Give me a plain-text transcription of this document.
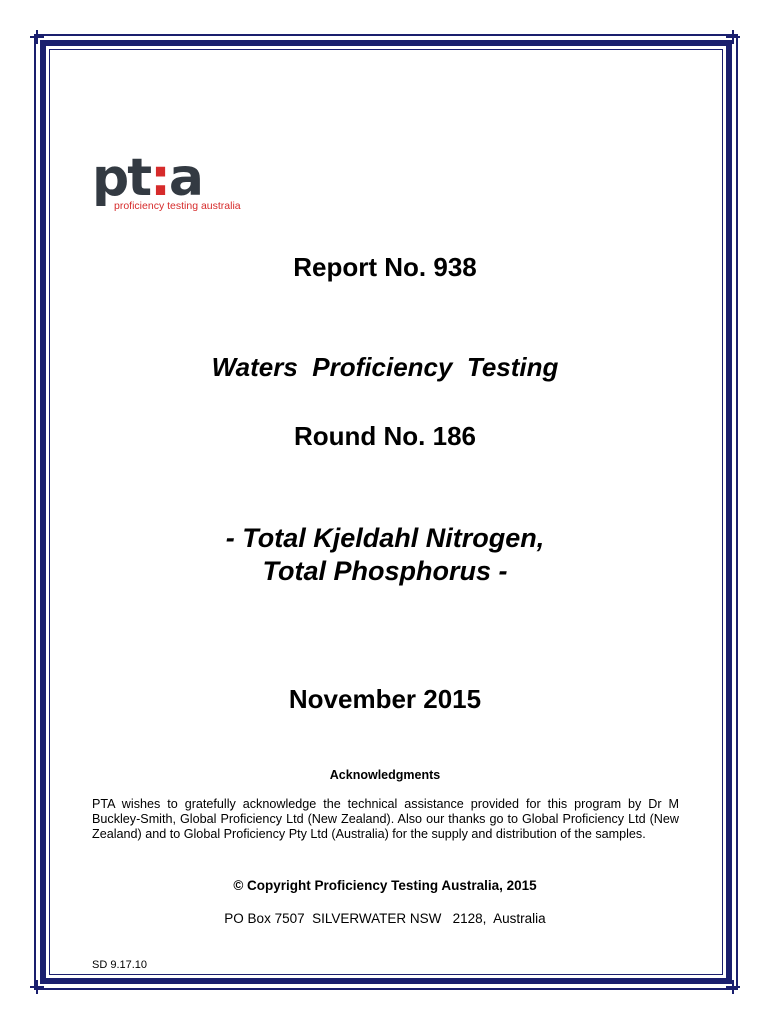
pt:a
proficiency testing australia
Report No. 938
Waters  Proficiency  Testing
Round No. 186
- Total Kjeldahl Nitrogen,
Total Phosphorus -
November 2015
Acknowledgments
PTA wishes to gratefully acknowledge the technical assistance provided for this program by Dr M Buckley-Smith, Global Proficiency Ltd (New Zealand). Also our thanks go to Global Proficiency Ltd (New Zealand) and to Global Proficiency Pty Ltd (Australia) for the supply and distribution of the samples.
© Copyright Proficiency Testing Australia, 2015
PO Box 7507  SILVERWATER NSW   2128,  Australia
SD 9.17.10
